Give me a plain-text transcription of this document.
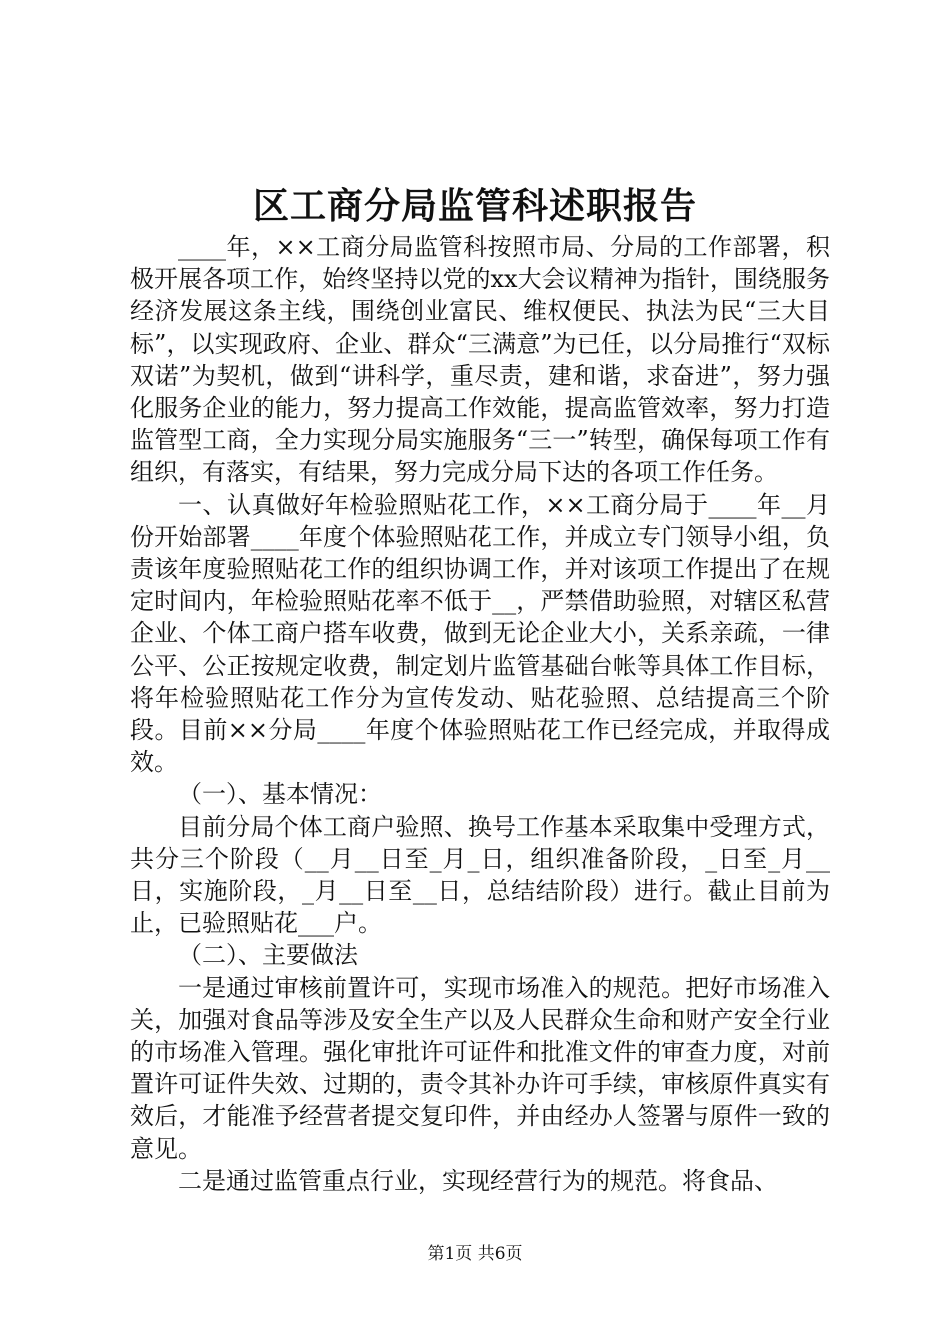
区工商分局监管科述职报告

____年，××工商分局监管科按照市局、分局的工作部署，积极开展各项工作，始终坚持以党的xx大会议精神为指针，围绕服务经济发展这条主线，围绕创业富民、维权便民、执法为民“三大目标”，以实现政府、企业、群众“三满意”为已任，以分局推行“双标双诺”为契机，做到“讲科学，重尽责，建和谐，求奋进”，努力强化服务企业的能力，努力提高工作效能，提高监管效率，努力打造监管型工商，全力实现分局实施服务“三一”转型，确保每项工作有组织，有落实，有结果，努力完成分局下达的各项工作任务。

一、认真做好年检验照贴花工作，××工商分局于____年__月份开始部署____年度个体验照贴花工作，并成立专门领导小组，负责该年度验照贴花工作的组织协调工作，并对该项工作提出了在规定时间内，年检验照贴花率不低于__，严禁借助验照，对辖区私营企业、个体工商户搭车收费，做到无论企业大小，关系亲疏，一律公平、公正按规定收费，制定划片监管基础台帐等具体工作目标，将年检验照贴花工作分为宣传发动、贴花验照、总结提高三个阶段。目前××分局____年度个体验照贴花工作已经完成，并取得成效。

（一）、基本情况：

目前分局个体工商户验照、换号工作基本采取集中受理方式，共分三个阶段（__月__日至_月_日，组织准备阶段，_日至_月__日，实施阶段，_月__日至__日，总结结阶段）进行。截止目前为止，已验照贴花___户。

（二）、主要做法

一是通过审核前置许可，实现市场准入的规范。把好市场准入关，加强对食品等涉及安全生产以及人民群众生命和财产安全行业的市场准入管理。强化审批许可证件和批准文件的审查力度，对前置许可证件失效、过期的，责令其补办许可手续，审核原件真实有效后，才能准予经营者提交复印件，并由经办人签署与原件一致的意见。

二是通过监管重点行业，实现经营行为的规范。将食品、

第1页 共6页
